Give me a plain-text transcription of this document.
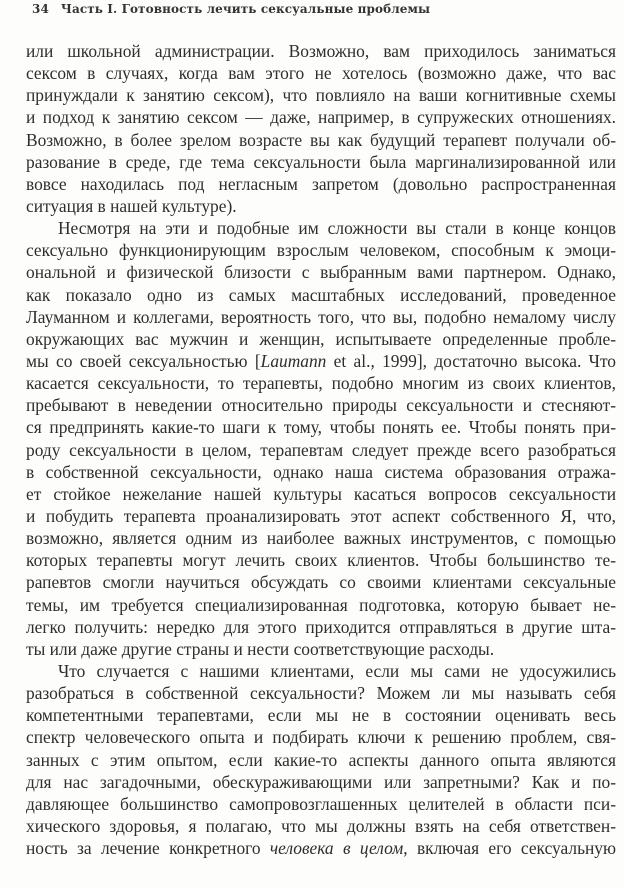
34 Часть I. Готовность лечить сексуальные проблемы
или школьной администрации. Возможно, вам приходилось заниматься
сексом в случаях, когда вам этого не хотелось (возможно даже, что вас
принуждали к занятию сексом), что повлияло на ваши когнитивные схемы
и подход к занятию сексом — даже, например, в супружеских отношениях.
Возможно, в более зрелом возрасте вы как будущий терапевт получали об-
разование в среде, где тема сексуальности была маргинализированной или
вовсе находилась под негласным запретом (довольно распространенная
ситуация в нашей культуре).
Несмотря на эти и подобные им сложности вы стали в конце концов
сексуально функционирующим взрослым человеком, способным к эмоци-
ональной и физической близости с выбранным вами партнером. Однако,
как показало одно из самых масштабных исследований, проведенное
Лауманном и коллегами, вероятность того, что вы, подобно немалому числу
окружающих вас мужчин и женщин, испытываете определенные пробле-
мы со своей сексуальностью [Laumann et al., 1999], достаточно высока. Что
касается сексуальности, то терапевты, подобно многим из своих клиентов,
пребывают в неведении относительно природы сексуальности и стесняют-
ся предпринять какие-то шаги к тому, чтобы понять ее. Чтобы понять при-
роду сексуальности в целом, терапевтам следует прежде всего разобраться
в собственной сексуальности, однако наша система образования отража-
ет стойкое нежелание нашей культуры касаться вопросов сексуальности
и побудить терапевта проанализировать этот аспект собственного Я, что,
возможно, является одним из наиболее важных инструментов, с помощью
которых терапевты могут лечить своих клиентов. Чтобы большинство те-
рапевтов смогли научиться обсуждать со своими клиентами сексуальные
темы, им требуется специализированная подготовка, которую бывает не-
легко получить: нередко для этого приходится отправляться в другие шта-
ты или даже другие страны и нести соответствующие расходы.
Что случается с нашими клиентами, если мы сами не удосужились
разобраться в собственной сексуальности? Можем ли мы называть себя
компетентными терапевтами, если мы не в состоянии оценивать весь
спектр человеческого опыта и подбирать ключи к решению проблем, свя-
занных с этим опытом, если какие-то аспекты данного опыта являются
для нас загадочными, обескураживающими или запретными? Как и по-
давляющее большинство самопровозглашенных целителей в области пси-
хического здоровья, я полагаю, что мы должны взять на себя ответствен-
ность за лечение конкретного человека в целом, включая его сексуальную
